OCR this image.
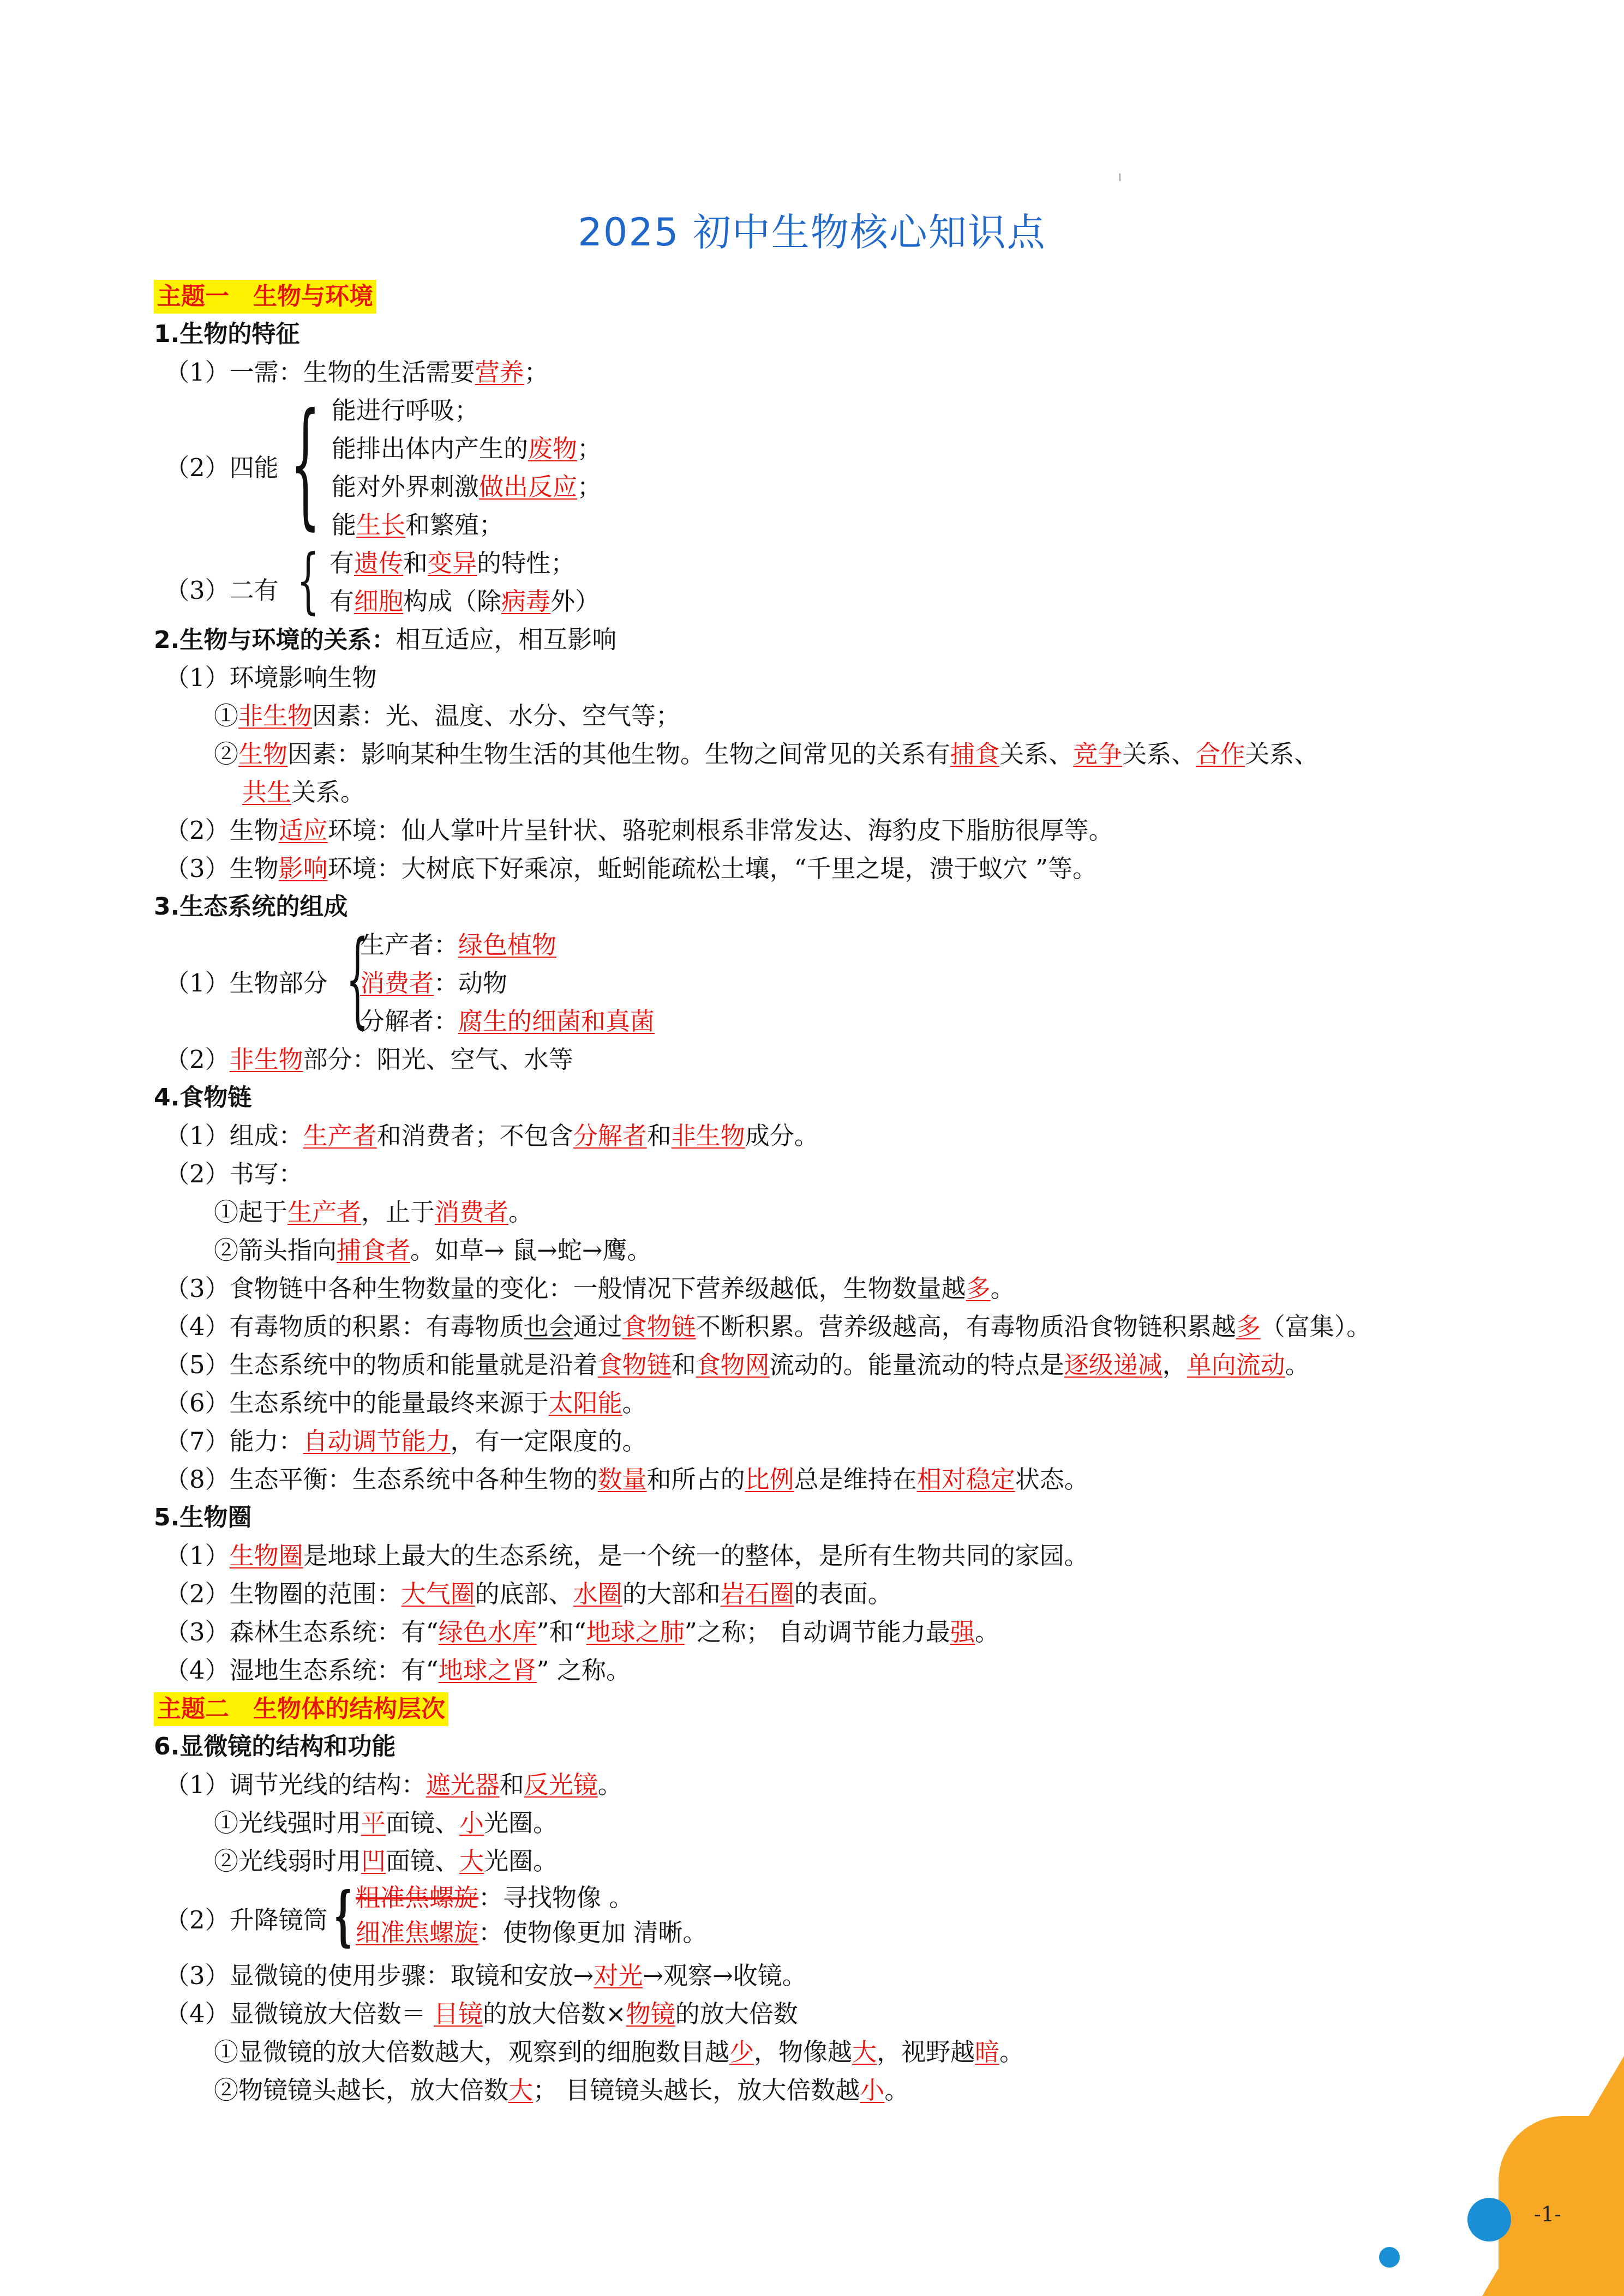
2025 初中生物核心知识点
主题一　生物与环境
1.生物的特征
（1）一需：生物的生活需要营养；
（2）四能 { 能进行呼吸；
能排出体内产生的废物；
能对外界刺激做出反应；
能生长和繁殖；
（3）二有 { 有遗传和变异的特性；
有细胞构成（除病毒外）
2.生物与环境的关系：相互适应，相互影响
（1）环境影响生物
①非生物因素：光、温度、水分、空气等；
②生物因素：影响某种生物生活的其他生物。生物之间常见的关系有捕食关系、竞争关系、合作关系、
共生关系。
（2）生物适应环境：仙人掌叶片呈针状、骆驼刺根系非常发达、海豹皮下脂肪很厚等。
（3）生物影响环境：大树底下好乘凉，蚯蚓能疏松土壤，“千里之堤，溃于蚁穴 ”等。
3.生态系统的组成
（1）生物部分 {
生产者：绿色植物
消费者：动物
分解者：腐生的细菌和真菌
（2）非生物部分：阳光、空气、水等
4.食物链
（1）组成：生产者和消费者；不包含分解者和非生物成分。
（2）书写：
①起于生产者，止于消费者。
②箭头指向捕食者。如草→ 鼠→蛇→鹰。
（3）食物链中各种生物数量的变化：一般情况下营养级越低，生物数量越多。
（4）有毒物质的积累：有毒物质也会通过食物链不断积累。营养级越高，有毒物质沿食物链积累越多（富集）。
（5）生态系统中的物质和能量就是沿着食物链和食物网流动的。能量流动的特点是逐级递减，单向流动。
（6）生态系统中的能量最终来源于太阳能。
（7）能力：自动调节能力，有一定限度的。
（8）生态平衡：生态系统中各种生物的数量和所占的比例总是维持在相对稳定状态。
5.生物圈
（1）生物圈是地球上最大的生态系统，是一个统一的整体，是所有生物共同的家园。
（2）生物圈的范围：大气圈的底部、水圈的大部和岩石圈的表面。
（3）森林生态系统：有“绿色水库”和“地球之肺”之称； 自动调节能力最强。
（4）湿地生态系统：有“地球之肾” 之称。
主题二　生物体的结构层次
6.显微镜的结构和功能
（1）调节光线的结构：遮光器和反光镜。
①光线强时用平面镜、小光圈。
②光线弱时用凹面镜、大光圈。
（2）升降镜筒 { 粗准焦螺旋：寻找物像 。
细准焦螺旋：使物像更加 清晰。
（3）显微镜的使用步骤：取镜和安放→对光→观察→收镜。
（4）显微镜放大倍数＝ 目镜的放大倍数×物镜的放大倍数
①显微镜的放大倍数越大，观察到的细胞数目越少，物像越大，视野越暗。
②物镜镜头越长，放大倍数大； 目镜镜头越长，放大倍数越小。
-1-
